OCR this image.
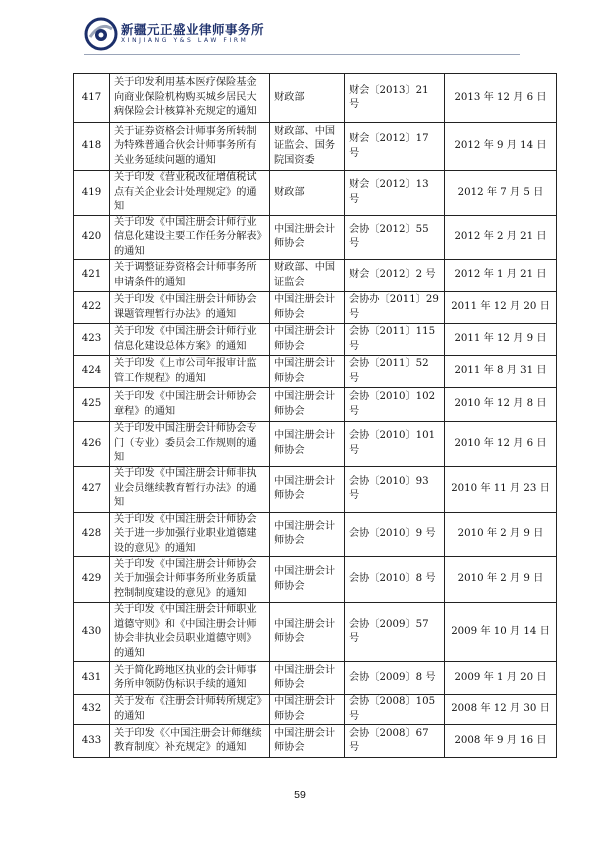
新疆元正盛业律师事务所
XINJIANG Y&S LAW FIRM
417	关于印发利用基本医疗保险基金向商业保险机构购买城乡居民大病保险会计核算补充规定的通知	财政部	财会〔2013〕21 号	2013 年 12 月 6 日
418	关于证券资格会计师事务所转制为特殊普通合伙会计师事务所有关业务延续问题的通知	财政部、中国证监会、国务院国资委	财会〔2012〕17 号	2012 年 9 月 14 日
419	关于印发《营业税改征增值税试点有关企业会计处理规定》的通知	财政部	财会〔2012〕13 号	2012 年 7 月 5 日
420	关于印发《中国注册会计师行业信息化建设主要工作任务分解表》的通知	中国注册会计师协会	会协〔2012〕55 号	2012 年 2 月 21 日
421	关于调整证券资格会计师事务所申请条件的通知	财政部、中国证监会	财会〔2012〕2 号	2012 年 1 月 21 日
422	关于印发《中国注册会计师协会课题管理暂行办法》的通知	中国注册会计师协会	会协办〔2011〕29 号	2011 年 12 月 20 日
423	关于印发《中国注册会计师行业信息化建设总体方案》的通知	中国注册会计师协会	会协〔2011〕115 号	2011 年 12 月 9 日
424	关于印发《上市公司年报审计监管工作规程》的通知	中国注册会计师协会	会协〔2011〕52 号	2011 年 8 月 31 日
425	关于印发《中国注册会计师协会章程》的通知	中国注册会计师协会	会协〔2010〕102 号	2010 年 12 月 8 日
426	关于印发中国注册会计师协会专门（专业）委员会工作规则的通知	中国注册会计师协会	会协〔2010〕101 号	2010 年 12 月 6 日
427	关于印发《中国注册会计师非执业会员继续教育暂行办法》的通知	中国注册会计师协会	会协〔2010〕93 号	2010 年 11 月 23 日
428	关于印发《中国注册会计师协会关于进一步加强行业职业道德建设的意见》的通知	中国注册会计师协会	会协〔2010〕9 号	2010 年 2 月 9 日
429	关于印发《中国注册会计师协会关于加强会计师事务所业务质量控制制度建设的意见》的通知	中国注册会计师协会	会协〔2010〕8 号	2010 年 2 月 9 日
430	关于印发《中国注册会计师职业道德守则》和《中国注册会计师协会非执业会员职业道德守则》的通知	中国注册会计师协会	会协〔2009〕57 号	2009 年 10 月 14 日
431	关于简化跨地区执业的会计师事务所申领防伪标识手续的通知	中国注册会计师协会	会协〔2009〕8 号	2009 年 1 月 20 日
432	关于发布《注册会计师转所规定》的通知	中国注册会计师协会	会协〔2008〕105 号	2008 年 12 月 30 日
433	关于印发《〈中国注册会计师继续教育制度〉补充规定》的通知	中国注册会计师协会	会协〔2008〕67 号	2008 年 9 月 16 日
59
